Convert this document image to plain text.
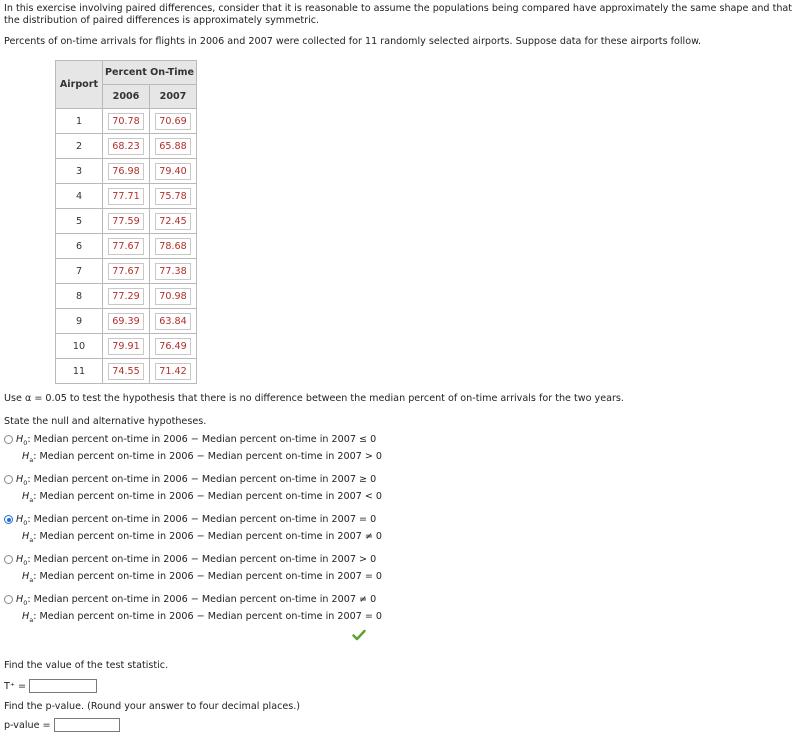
In this exercise involving paired differences, consider that it is reasonable to assume the populations being compared have approximately the same shape and that the distribution of paired differences is approximately symmetric.

Percents of on-time arrivals for flights in 2006 and 2007 were collected for 11 randomly selected airports. Suppose data for these airports follow.

Airport	Percent On-Time	
	2006	2007
1	70.78	70.69
2	68.23	65.88
3	76.98	79.40
4	77.71	75.78
5	77.59	72.45
6	77.67	78.68
7	77.67	77.38
8	77.29	70.98
9	69.39	63.84
10	79.91	76.49
11	74.55	71.42
Use α = 0.05 to test the hypothesis that there is no difference between the median percent of on-time arrivals for the two years.
State the null and alternative hypotheses.
$H_0$: Median percent on-time in 2006 − Median percent on-time in 2007 ≤ 0
$H_a$: Median percent on-time in 2006 − Median percent on-time in 2007 > 0
$H_0$: Median percent on-time in 2006 − Median percent on-time in 2007 ≥ 0
$H_a$: Median percent on-time in 2006 − Median percent on-time in 2007 < 0
$H_0$: Median percent on-time in 2006 − Median percent on-time in 2007 = 0
$H_a$: Median percent on-time in 2006 − Median percent on-time in 2007 ≠ 0
$H_0$: Median percent on-time in 2006 − Median percent on-time in 2007 > 0
$H_a$: Median percent on-time in 2006 − Median percent on-time in 2007 = 0
$H_0$: Median percent on-time in 2006 − Median percent on-time in 2007 ≠ 0
$H_a$: Median percent on-time in 2006 − Median percent on-time in 2007 = 0
Find the value of the test statistic.
T⁺ =
Find the p-value. (Round your answer to four decimal places.)
p-value =
